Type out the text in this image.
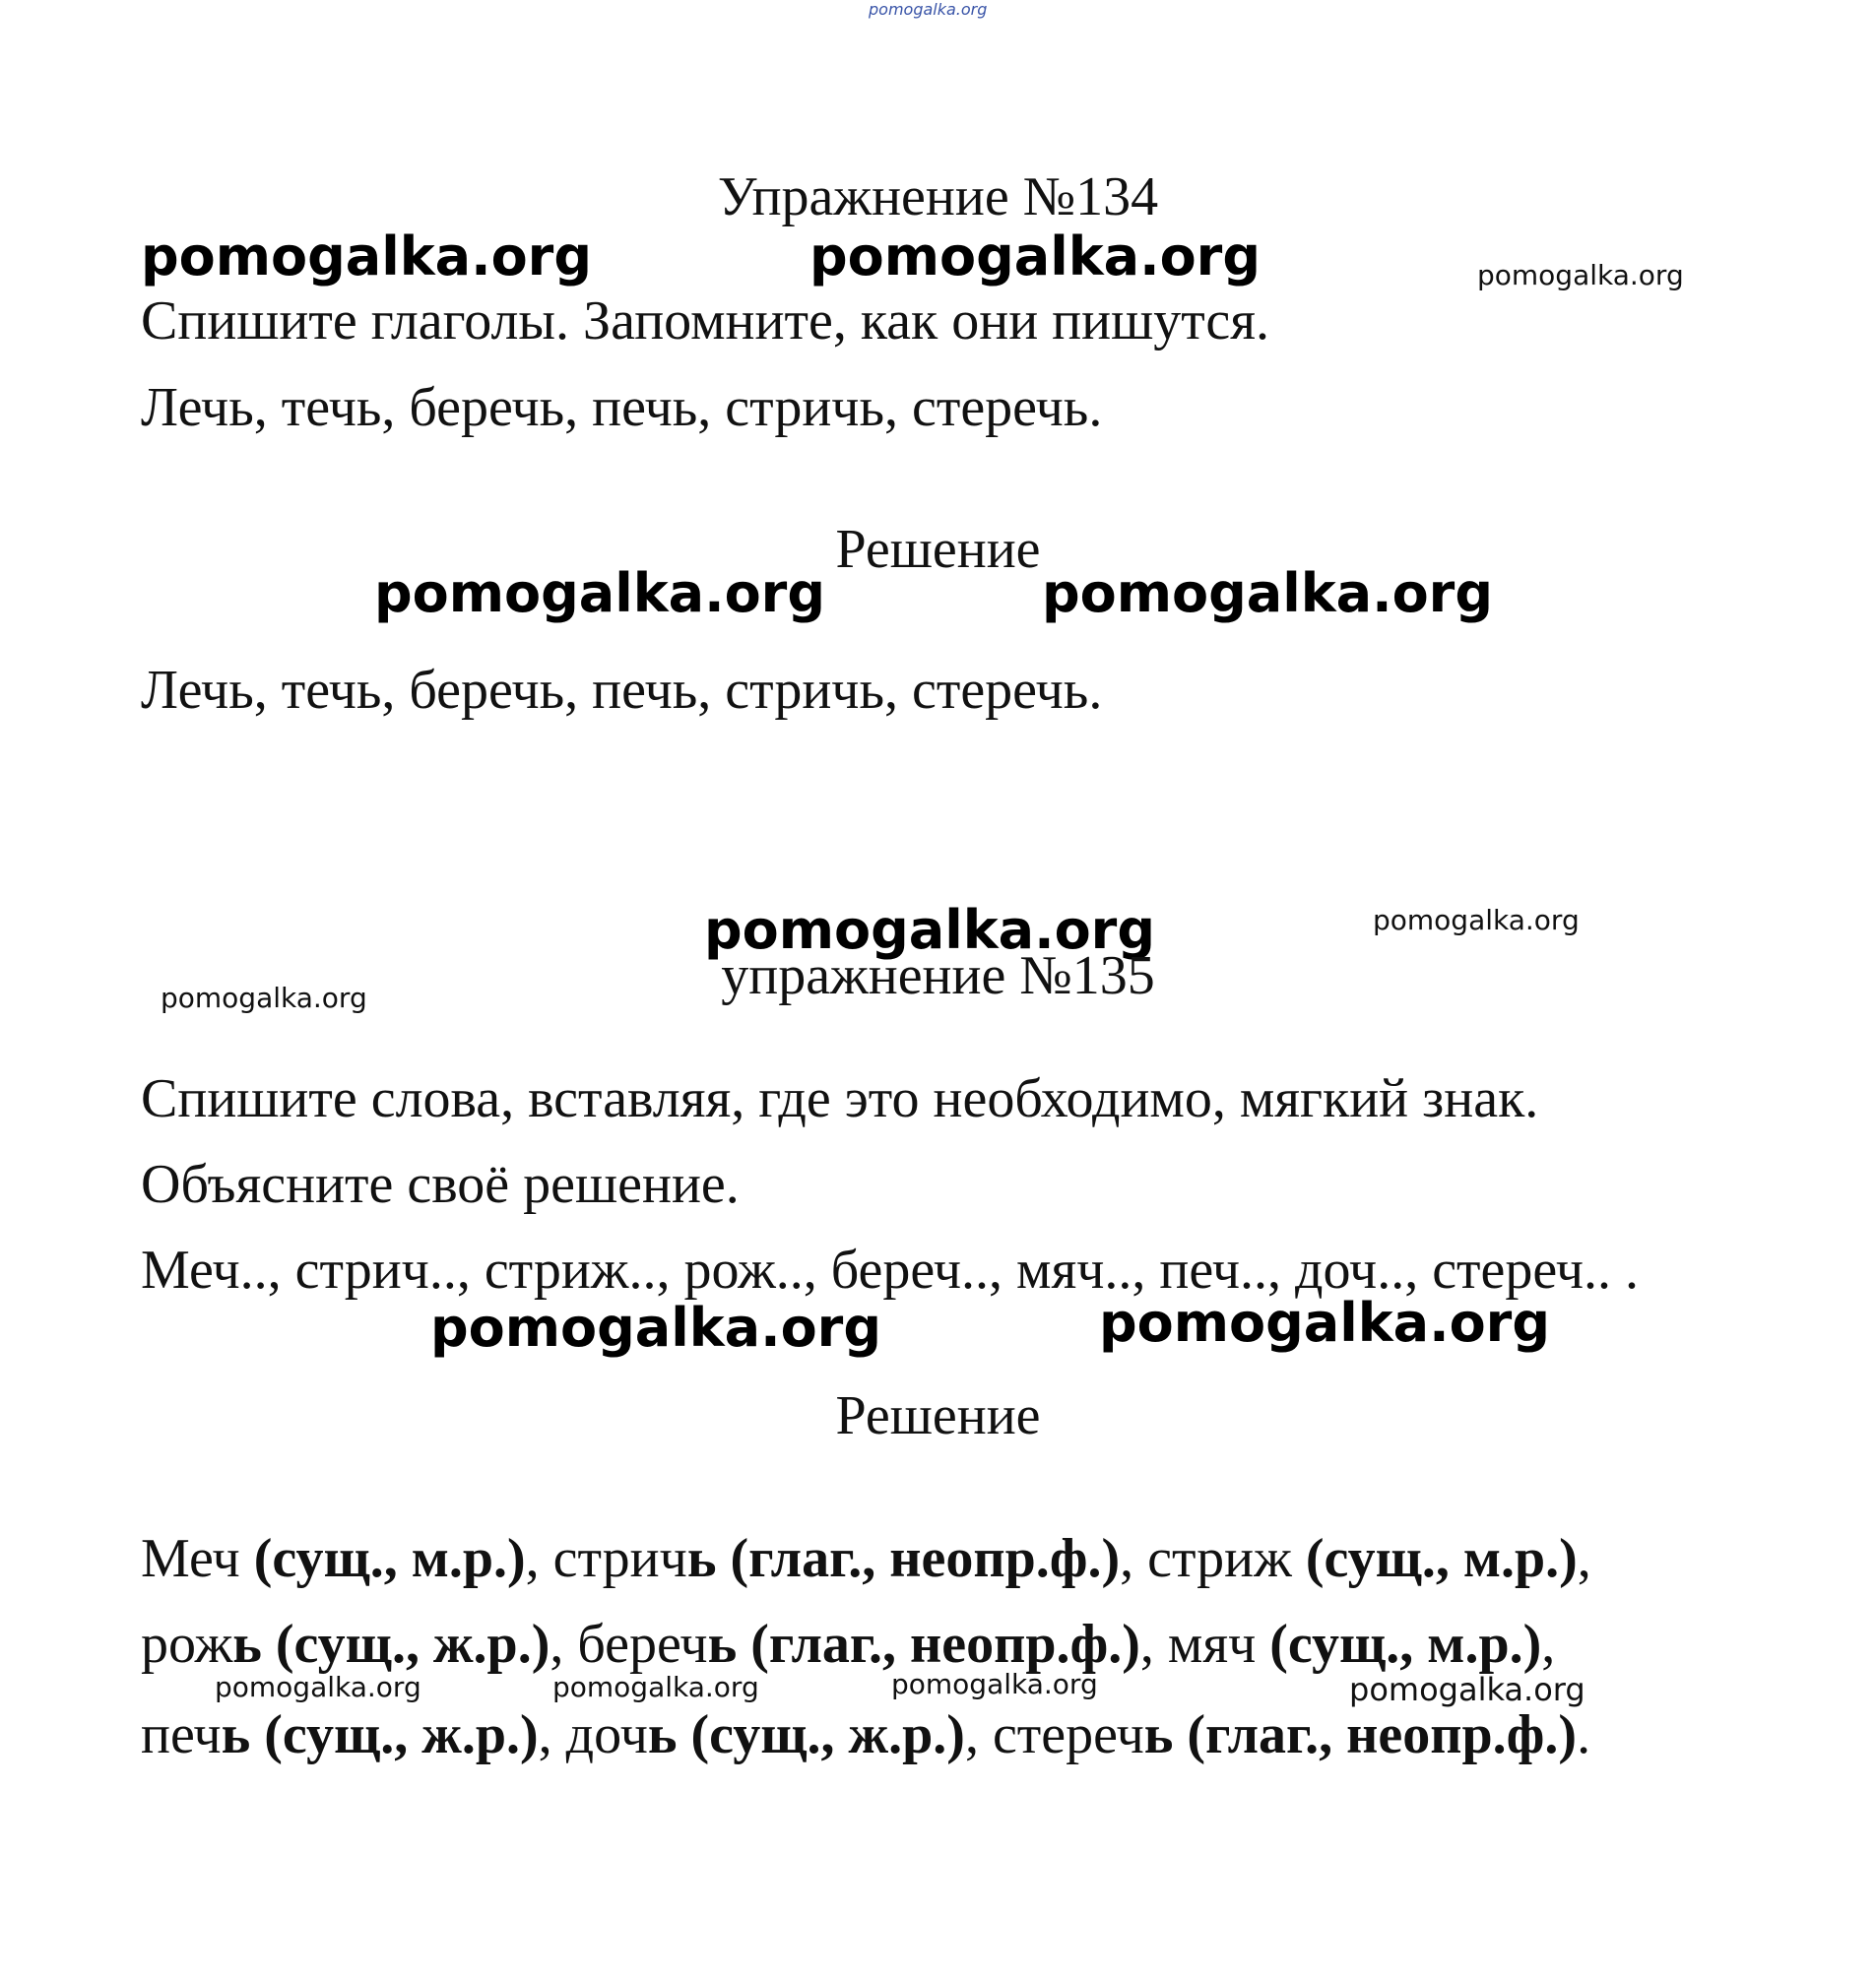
pomogalka.org
Упражнение №134
pomogalka.org	pomogalka.org	pomogalka.org
Спишите глаголы. Запомните, как они пишутся.
Лечь, течь, беречь, печь, стричь, стеречь.
Решение
pomogalka.org	pomogalka.org
Лечь, течь, беречь, печь, стричь, стеречь.
pomogalka.org	pomogalka.org
упражнение №135
pomogalka.org
Спишите слова, вставляя, где это необходимо, мягкий знак.
Объясните своё решение.
Меч.., стрич.., стриж.., рож.., береч.., мяч.., печ.., доч.., стереч.. .
pomogalka.org	pomogalka.org
Решение
Меч (сущ., м.р.), стричь (глаг., неопр.ф.), стриж (сущ., м.р.),
рожь (сущ., ж.р.), беречь (глаг., неопр.ф.), мяч (сущ., м.р.),
pomogalka.org	pomogalka.org	pomogalka.org	pomogalka.org
печь (сущ., ж.р.), дочь (сущ., ж.р.), стеречь (глаг., неопр.ф.).
